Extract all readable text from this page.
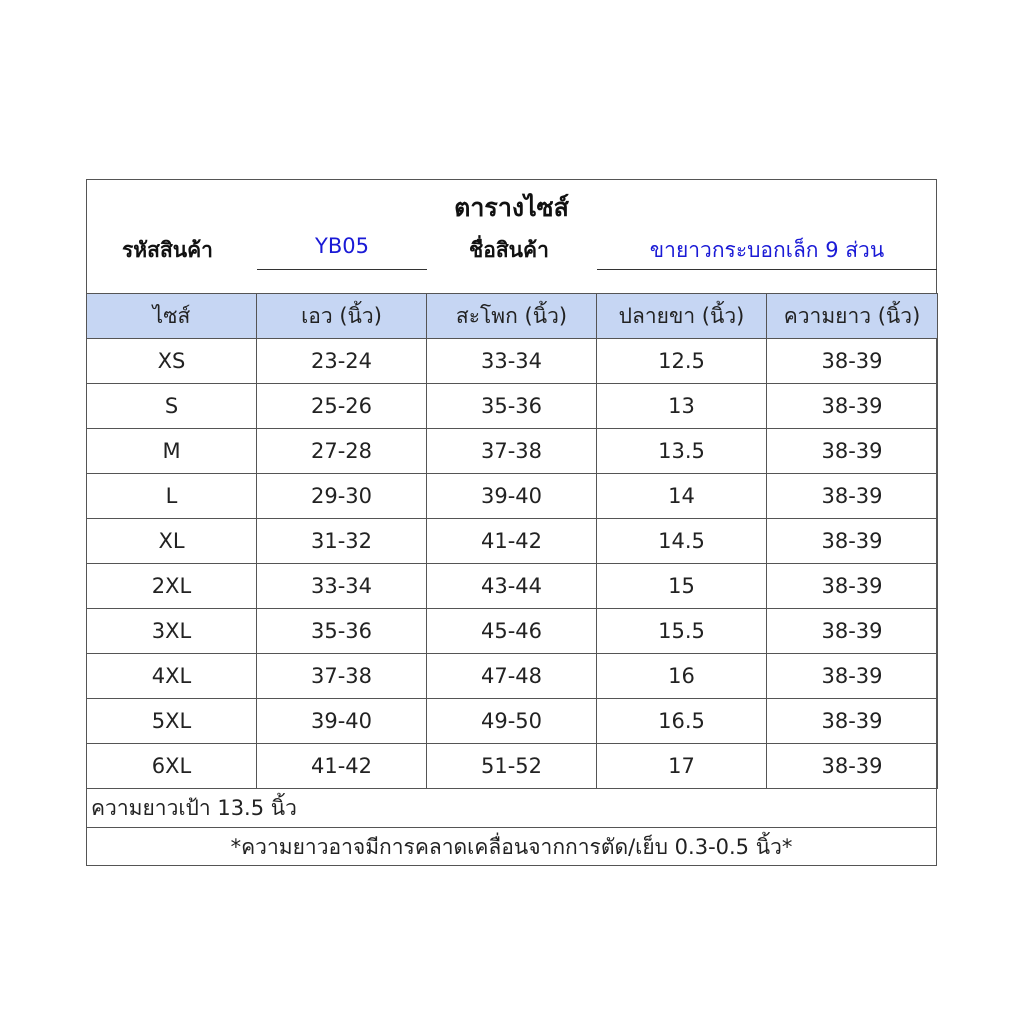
ตารางไซส์
รหัสสินค้า	YB05	ชื่อสินค้า	ขายาวกระบอกเล็ก 9 ส่วน
ไซส์	เอว (นิ้ว)	สะโพก (นิ้ว)	ปลายขา (นิ้ว)	ความยาว (นิ้ว)
XS	23-24	33-34	12.5	38-39
S	25-26	35-36	13	38-39
M	27-28	37-38	13.5	38-39
L	29-30	39-40	14	38-39
XL	31-32	41-42	14.5	38-39
2XL	33-34	43-44	15	38-39
3XL	35-36	45-46	15.5	38-39
4XL	37-38	47-48	16	38-39
5XL	39-40	49-50	16.5	38-39
6XL	41-42	51-52	17	38-39
ความยาวเป้า 13.5 นิ้ว
*ความยาวอาจมีการคลาดเคลื่อนจากการตัด/เย็บ 0.3-0.5 นิ้ว*
